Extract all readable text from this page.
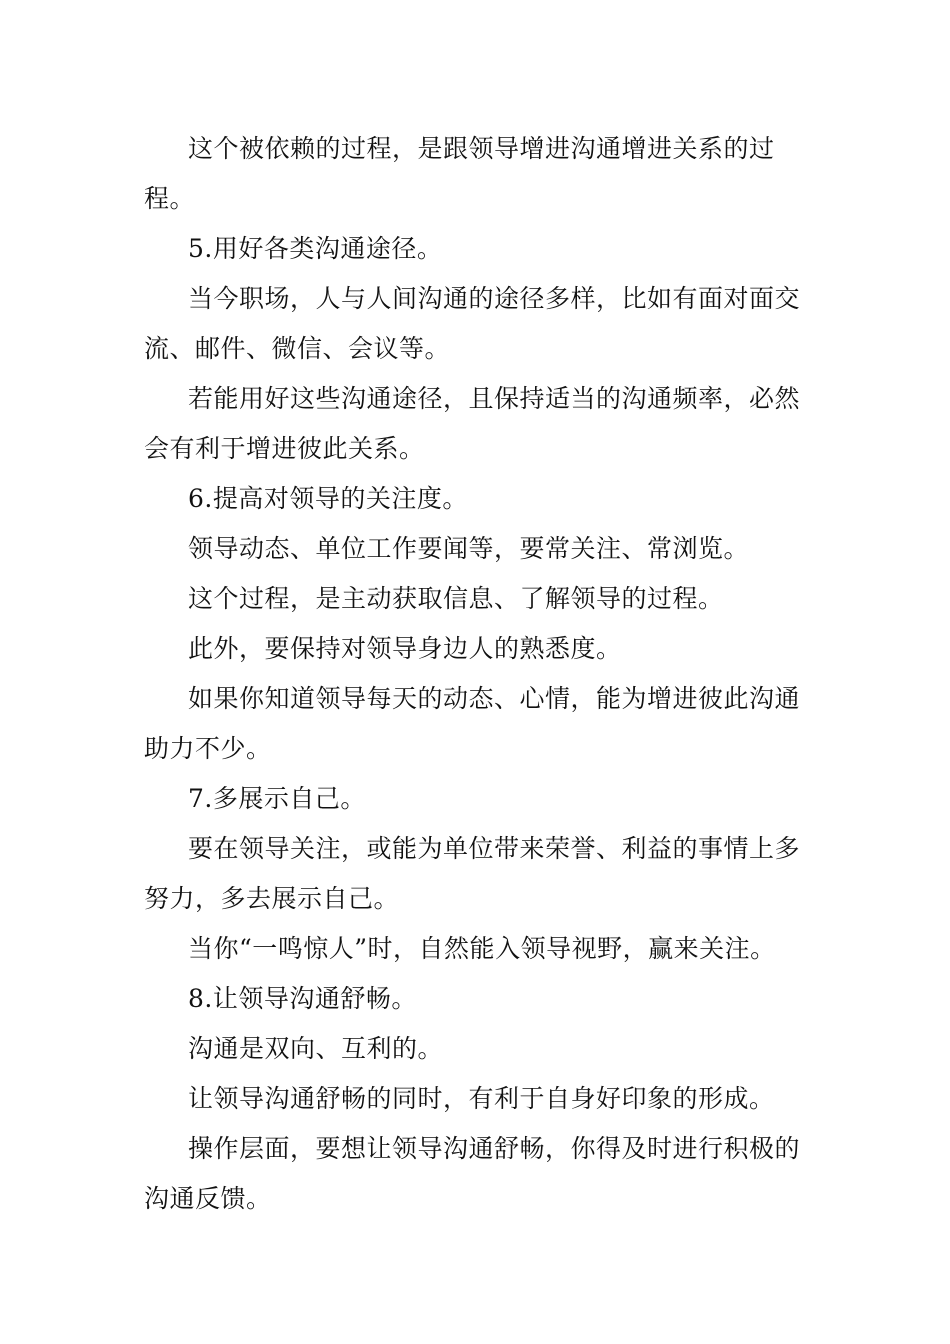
这个被依赖的过程，是跟领导增进沟通增进关系的过程。

5.用好各类沟通途径。

当今职场，人与人间沟通的途径多样，比如有面对面交流、邮件、微信、会议等。

若能用好这些沟通途径，且保持适当的沟通频率，必然会有利于增进彼此关系。

6.提高对领导的关注度。

领导动态、单位工作要闻等，要常关注、常浏览。

这个过程，是主动获取信息、了解领导的过程。

此外，要保持对领导身边人的熟悉度。

如果你知道领导每天的动态、心情，能为增进彼此沟通助力不少。

7.多展示自己。

要在领导关注，或能为单位带来荣誉、利益的事情上多努力，多去展示自己。

当你“一鸣惊人”时，自然能入领导视野，赢来关注。

8.让领导沟通舒畅。

沟通是双向、互利的。

让领导沟通舒畅的同时，有利于自身好印象的形成。

操作层面，要想让领导沟通舒畅，你得及时进行积极的沟通反馈。
